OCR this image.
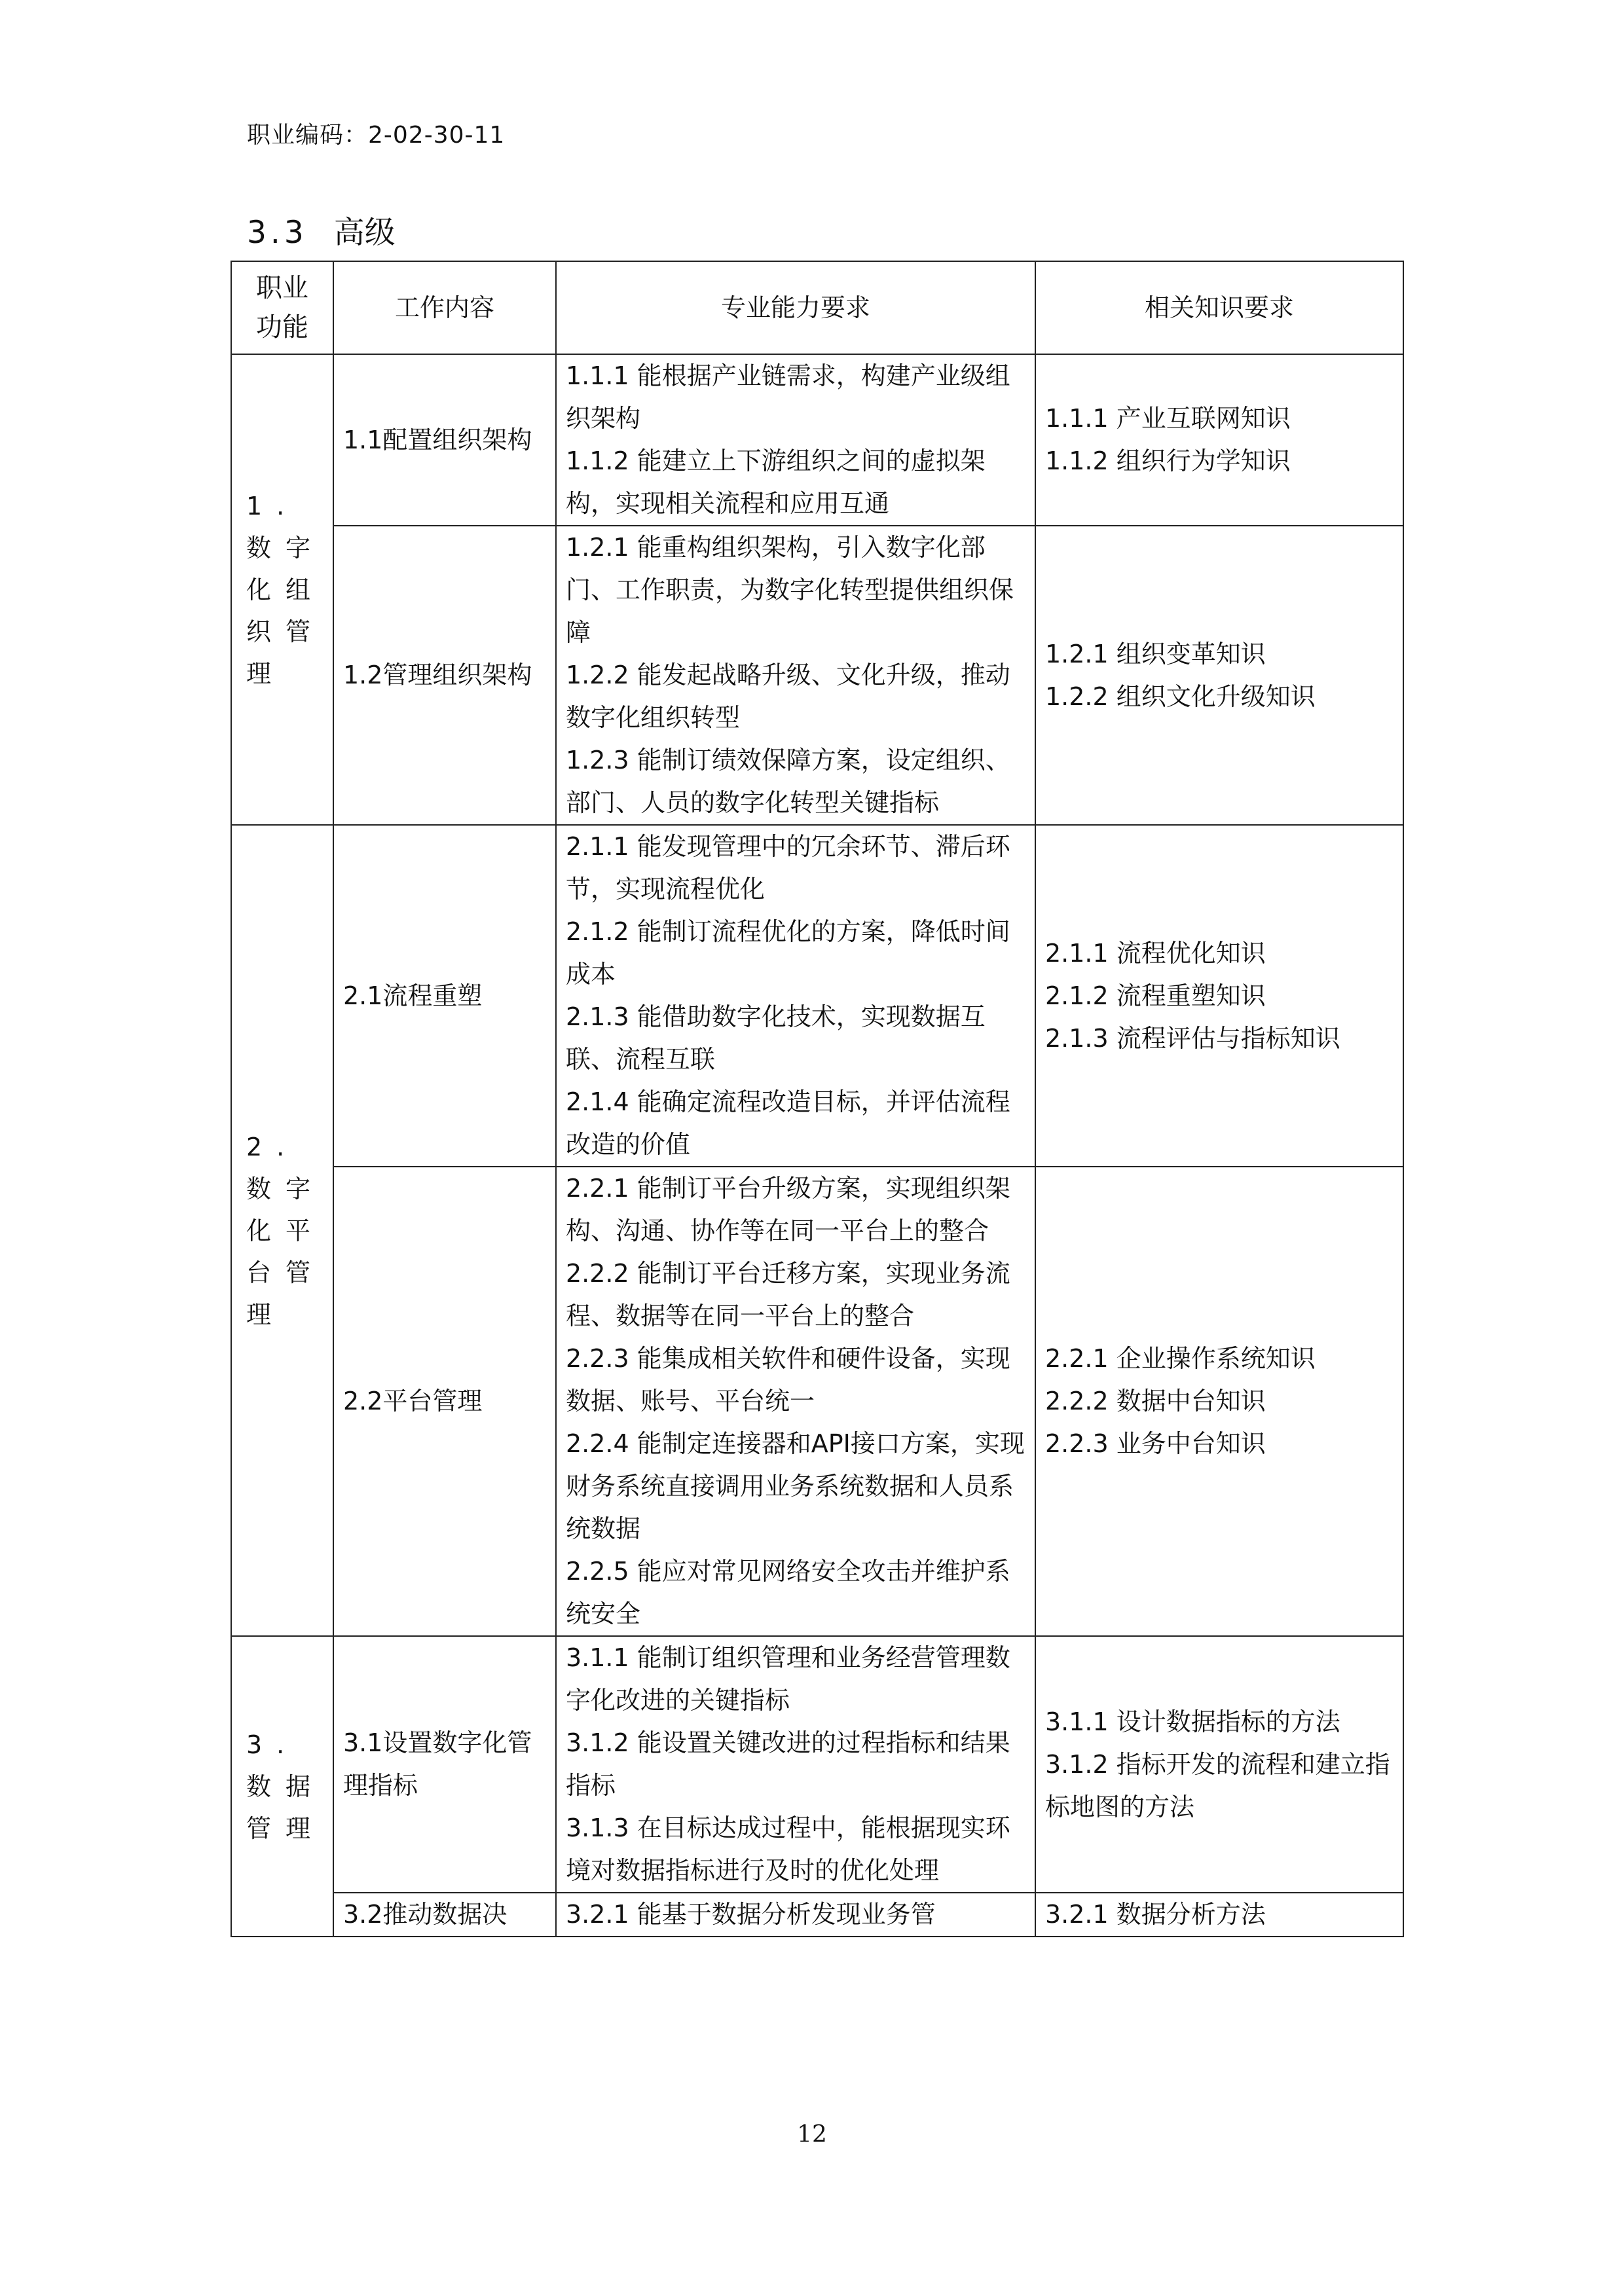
职业编码：2-02-30-11
3.3 高级
职业功能	工作内容	专业能力要求	相关知识要求
1. 数字化组织管理	1.1配置组织架构	1.1.1 能根据产业链需求，构建产业级组织架构
1.1.2 能建立上下游组织之间的虚拟架构，实现相关流程和应用互通	1.1.1 产业互联网知识
1.1.2 组织行为学知识

	1.2管理组织架构	1.2.1 能重构组织架构，引入数字化部门、工作职责，为数字化转型提供组织保障
1.2.2 能发起战略升级、文化升级，推动数字化组织转型
1.2.3 能制订绩效保障方案，设定组织、部门、人员的数字化转型关键指标	1.2.1 组织变革知识
1.2.2 组织文化升级知识

2. 数字化平台管理	2.1流程重塑	2.1.1 能发现管理中的冗余环节、滞后环节，实现流程优化
2.1.2 能制订流程优化的方案，降低时间成本
2.1.3 能借助数字化技术，实现数据互联、流程互联
2.1.4 能确定流程改造目标，并评估流程改造的价值	2.1.1 流程优化知识
2.1.2 流程重塑知识
2.1.3 流程评估与指标知识

	2.2平台管理	2.2.1 能制订平台升级方案，实现组织架构、沟通、协作等在同一平台上的整合
2.2.2 能制订平台迁移方案，实现业务流程、数据等在同一平台上的整合
2.2.3 能集成相关软件和硬件设备，实现数据、账号、平台统一
2.2.4 能制定连接器和API接口方案，实现财务系统直接调用业务系统数据和人员系统数据
2.2.5 能应对常见网络安全攻击并维护系统安全	2.2.1 企业操作系统知识
2.2.2 数据中台知识
2.2.3 业务中台知识

3. 数据管理	3.1设置数字化管理指标	3.1.1 能制订组织管理和业务经营管理数字化改进的关键指标
3.1.2 能设置关键改进的过程指标和结果指标
3.1.3 在目标达成过程中，能根据现实环境对数据指标进行及时的优化处理	3.1.1 设计数据指标的方法
3.1.2 指标开发的流程和建立指标地图的方法

	3.2推动数据决	3.2.1 能基于数据分析发现业务管	3.2.1 数据分析方法
12
